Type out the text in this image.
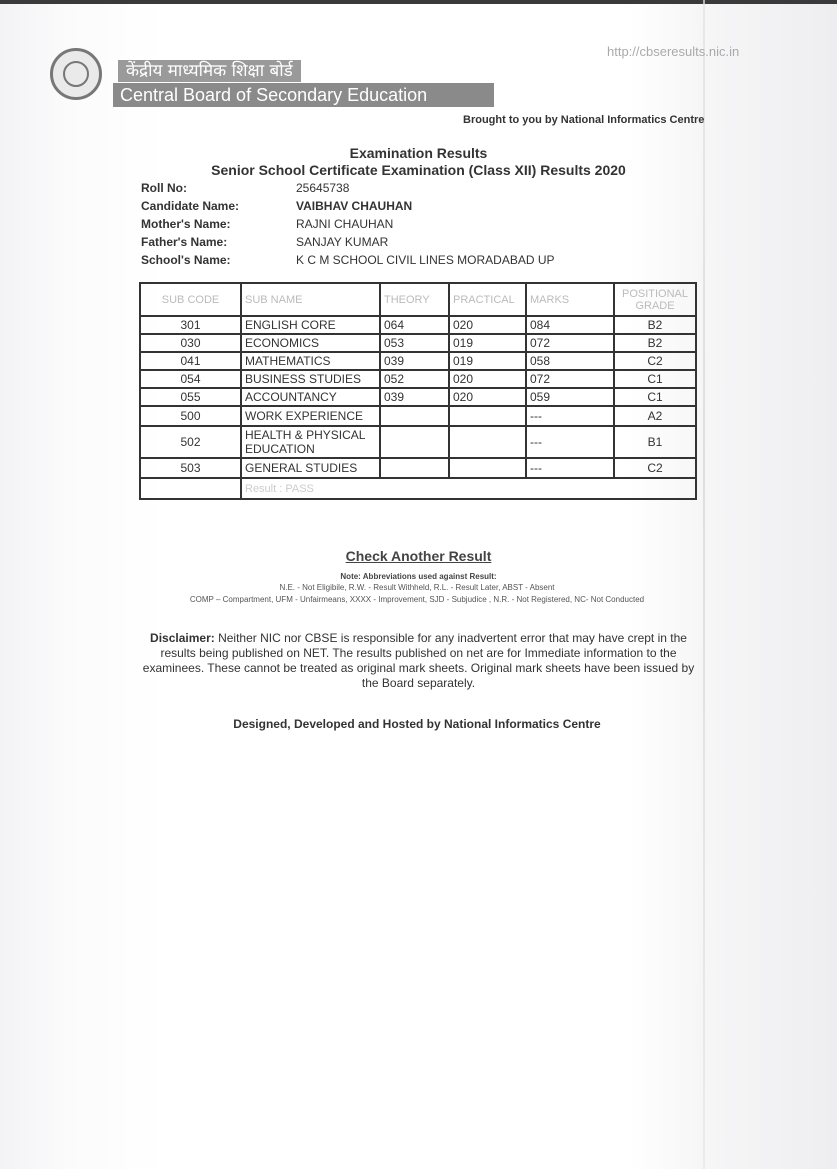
केंद्रीय माध्यमिक शिक्षा बोर्ड
Central Board of Secondary Education
http://cbseresults.nic.in
Brought to you by National Informatics Centre
Examination Results
Senior School Certificate Examination (Class XII) Results 2020
Roll No:	25645738
Candidate Name:	VAIBHAV CHAUHAN
Mother's Name:	RAJNI CHAUHAN
Father's Name:	SANJAY KUMAR
School's Name:	K C M SCHOOL CIVIL LINES MORADABAD UP
SUB CODE	SUB NAME	THEORY	PRACTICAL	MARKS	POSITIONAL GRADE
301	ENGLISH CORE	064	020	084	B2
030	ECONOMICS	053	019	072	B2
041	MATHEMATICS	039	019	058	C2
054	BUSINESS STUDIES	052	020	072	C1
055	ACCOUNTANCY	039	020	059	C1
500	WORK EXPERIENCE			---	A2
502	HEALTH & PHYSICAL EDUCATION			---	B1
503	GENERAL STUDIES			---	C2
	Result : PASS				
Check Another Result
Note: Abbreviations used against Result:
N.E. - Not Eligibile, R.W. - Result Withheld, R.L. - Result Later, ABST - Absent
COMP – Compartment, UFM - Unfairmeans, XXXX - Improvement, SJD - Subjudice , N.R. - Not Registered, NC- Not Conducted
Disclaimer: Neither NIC nor CBSE is responsible for any inadvertent error that may have crept in the results being published on NET. The results published on net are for Immediate information to the examinees. These cannot be treated as original mark sheets. Original mark sheets have been issued by the Board separately.
Designed, Developed and Hosted by National Informatics Centre
